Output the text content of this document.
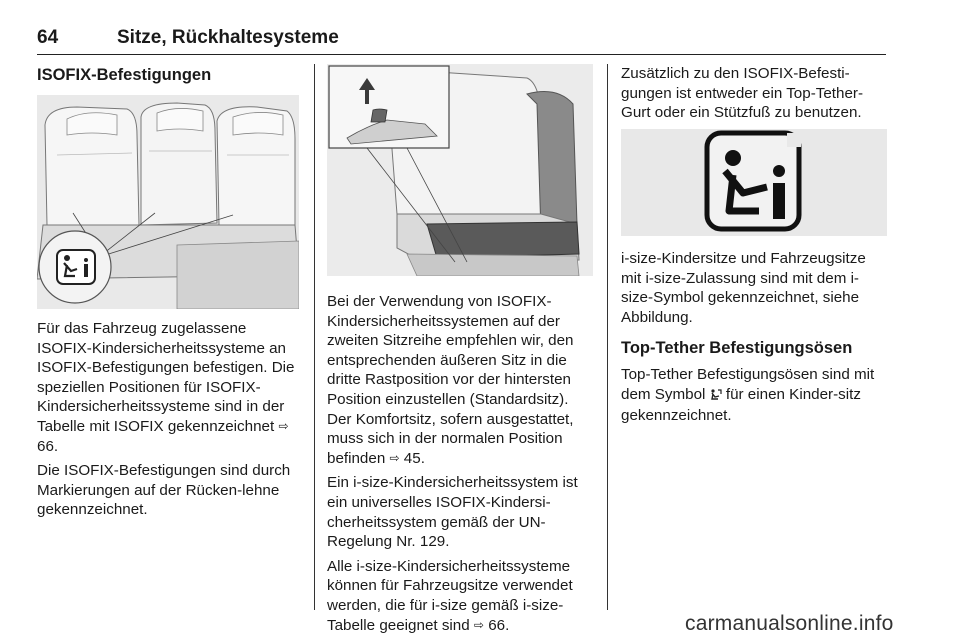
64	Sitze, Rückhaltesysteme
ISOFIX-Befestigungen

Für das Fahrzeug zugelassene ISOFIX-Kindersicherheitssysteme an ISOFIX-Befestigungen befestigen. Die speziellen Positionen für ISOFIX-Kindersicherheitssysteme sind in der Tabelle mit ISOFIX gekennzeichnet ⇨ 66.

Die ISOFIX-Befestigungen sind durch Markierungen auf der Rücken-lehne gekennzeichnet.

Bei der Verwendung von ISOFIX-Kindersicherheitssystemen auf der zweiten Sitzreihe empfehlen wir, den entsprechenden äußeren Sitz in die dritte Rastposition vor der hintersten Position einzustellen (Standardsitz). Der Komfortsitz, sofern ausgestattet, muss sich in der normalen Position befinden ⇨ 45.

Ein i-size-Kindersicherheitssystem ist ein universelles ISOFIX-Kindersi-cherheitssystem gemäß der UN-Regelung Nr. 129.

Alle i-size-Kindersicherheitssysteme können für Fahrzeugsitze verwendet werden, die für i-size gemäß i-size-Tabelle geeignet sind ⇨ 66.

Zusätzlich zu den ISOFIX-Befesti-gungen ist entweder ein Top-Tether-Gurt oder ein Stützfuß zu benutzen.

i-size-Kindersitze und Fahrzeugsitze mit i-size-Zulassung sind mit dem i-size-Symbol gekennzeichnet, siehe Abbildung.

Top-Tether Befestigungsösen

Top-Tether Befestigungsösen sind mit dem Symbol  für einen Kinder-sitz gekennzeichnet.

carmanualsonline.info
